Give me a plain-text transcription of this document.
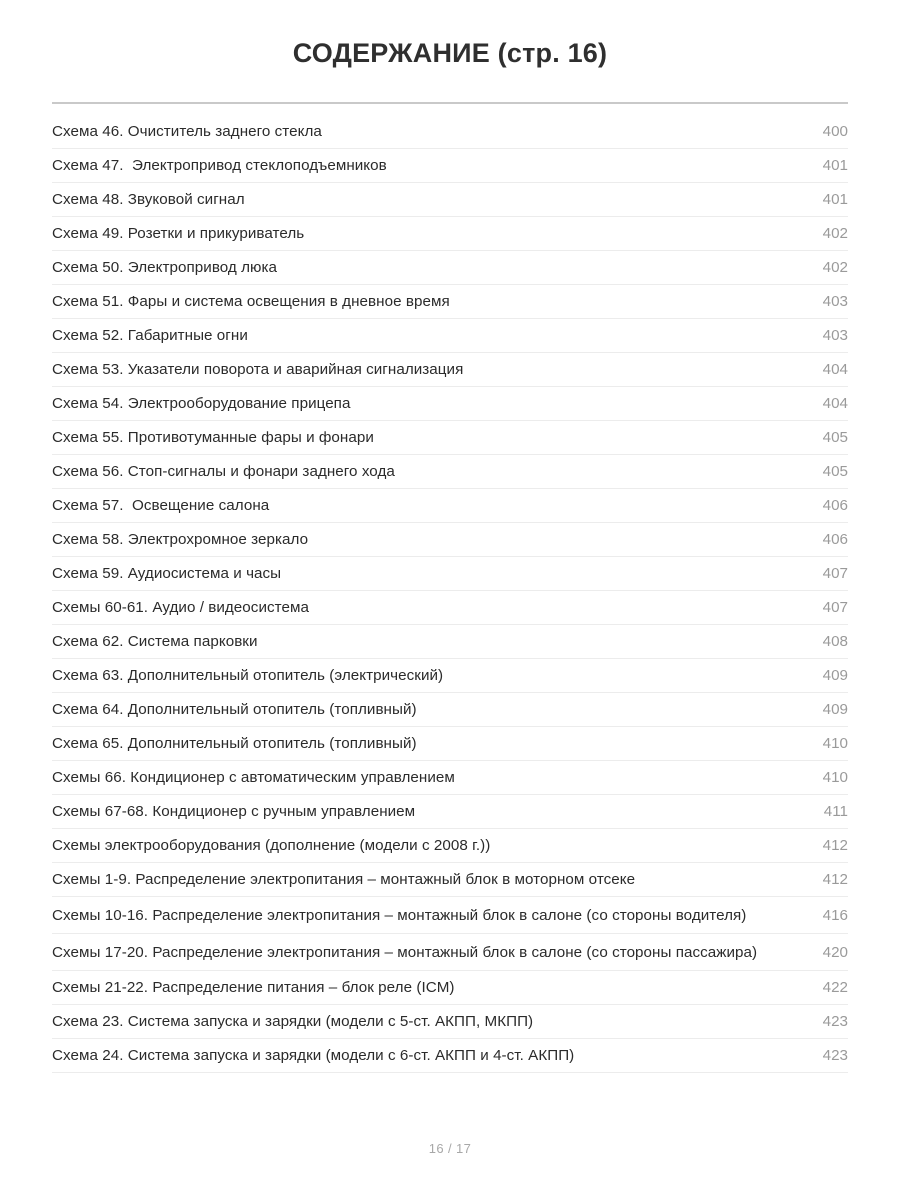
СОДЕРЖАНИЕ (стр. 16)
Схема 46. Очиститель заднего стекла	400
Схема 47.  Электропривод стеклоподъемников	401
Схема 48. Звуковой сигнал	401
Схема 49. Розетки и прикуриватель	402
Схема 50. Электропривод люка	402
Схема 51. Фары и система освещения в дневное время	403
Схема 52. Габаритные огни	403
Схема 53. Указатели поворота и аварийная сигнализация	404
Схема 54. Электрооборудование прицепа	404
Схема 55. Противотуманные фары и фонари	405
Схема 56. Стоп-сигналы и фонари заднего хода	405
Схема 57.  Освещение салона	406
Схема 58. Электрохромное зеркало	406
Схема 59. Аудиосистема и часы	407
Схемы 60-61. Аудио / видеосистема	407
Схема 62. Система парковки	408
Схема 63. Дополнительный отопитель (электрический)	409
Схема 64. Дополнительный отопитель (топливный)	409
Схема 65. Дополнительный отопитель (топливный)	410
Схемы 66. Кондиционер с автоматическим управлением	410
Схемы 67-68. Кондиционер с ручным управлением	411
Схемы электрооборудования (дополнение (модели с 2008 г.))	412
Схемы 1-9. Распределение электропитания – монтажный блок в моторном отсеке	412
Схемы 10-16. Распределение электропитания – монтажный блок в салоне (со стороны водителя)	416
Схемы 17-20. Распределение электропитания – монтажный блок в салоне (со стороны пассажира)	420
Схемы 21-22. Распределение питания – блок реле (ICM)	422
Схема 23. Система запуска и зарядки (модели с 5-ст. АКПП, МКПП)	423
Схема 24. Система запуска и зарядки (модели с 6-ст. АКПП и 4-ст. АКПП)	423
16 / 17
